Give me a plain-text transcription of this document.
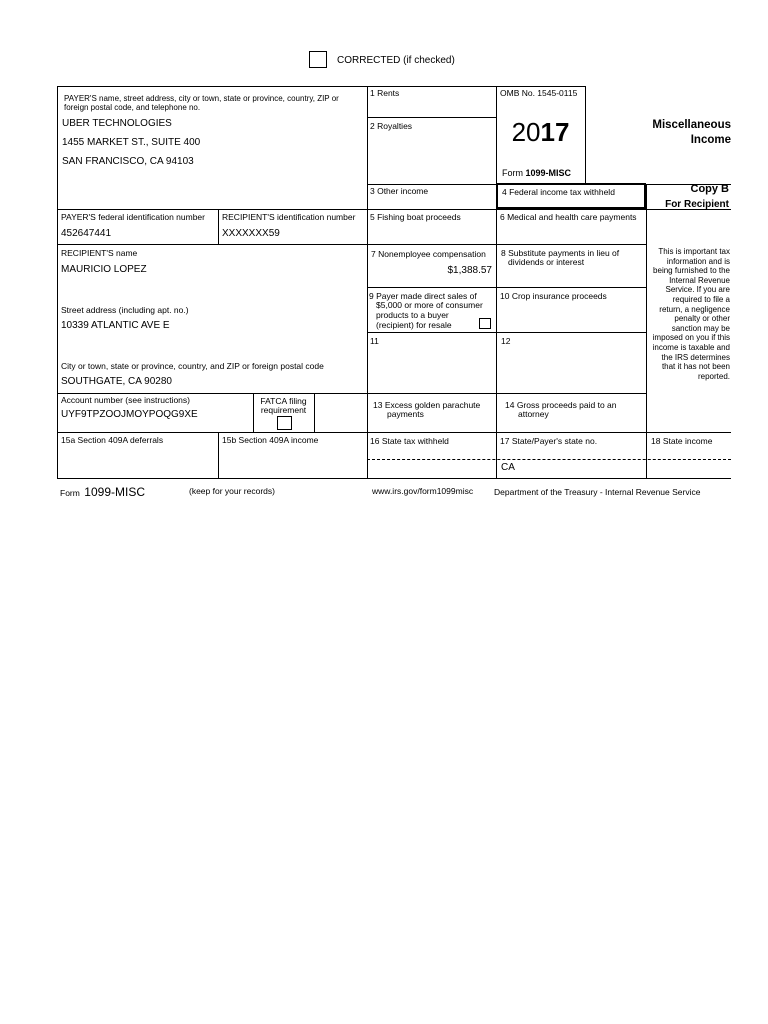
CORRECTED (if checked)
PAYER'S name, street address, city or town, state or province, country, ZIP or foreign postal code, and telephone no.
UBER TECHNOLOGIES
1455 MARKET ST., SUITE 400
SAN FRANCISCO, CA 94103
PAYER'S federal identification number
452647441
RECIPIENT'S identification number
XXXXXXX59
RECIPIENT'S name
MAURICIO LOPEZ
Street address (including apt. no.)
10339 ATLANTIC AVE E
City or town, state or province, country, and ZIP or foreign postal code
SOUTHGATE, CA 90280
Account number (see instructions)
UYF9TPZOOJMOYPOQG9XE
FATCA filing
requirement
15a Section 409A deferrals	15b Section 409A income
1 Rents
2 Royalties
3 Other income
5 Fishing boat proceeds
7 Nonemployee compensation
$1,388.57
9 Payer made direct sales of
$5,000 or more of consumer
products to a buyer
(recipient) for resale
11
13 Excess golden parachute
payments
16 State tax withheld
OMB No. 1545-0115
2017
Form 1099-MISC
4 Federal income tax withheld
6 Medical and health care payments
8 Substitute payments in lieu of
dividends or interest
10 Crop insurance proceeds
12
14 Gross proceeds paid to an
attorney
17 State/Payer's state no.
CA
Miscellaneous
Income
Copy B
For Recipient
This is important tax information and is being furnished to the Internal Revenue Service. If you are required to file a return, a negligence penalty or other sanction may be imposed on you if this income is taxable and the IRS determines that it has not been reported.
18 State income
Form 1099-MISC	(keep for your records)	www.irs.gov/form1099misc Department of the Treasury - Internal Revenue Service
